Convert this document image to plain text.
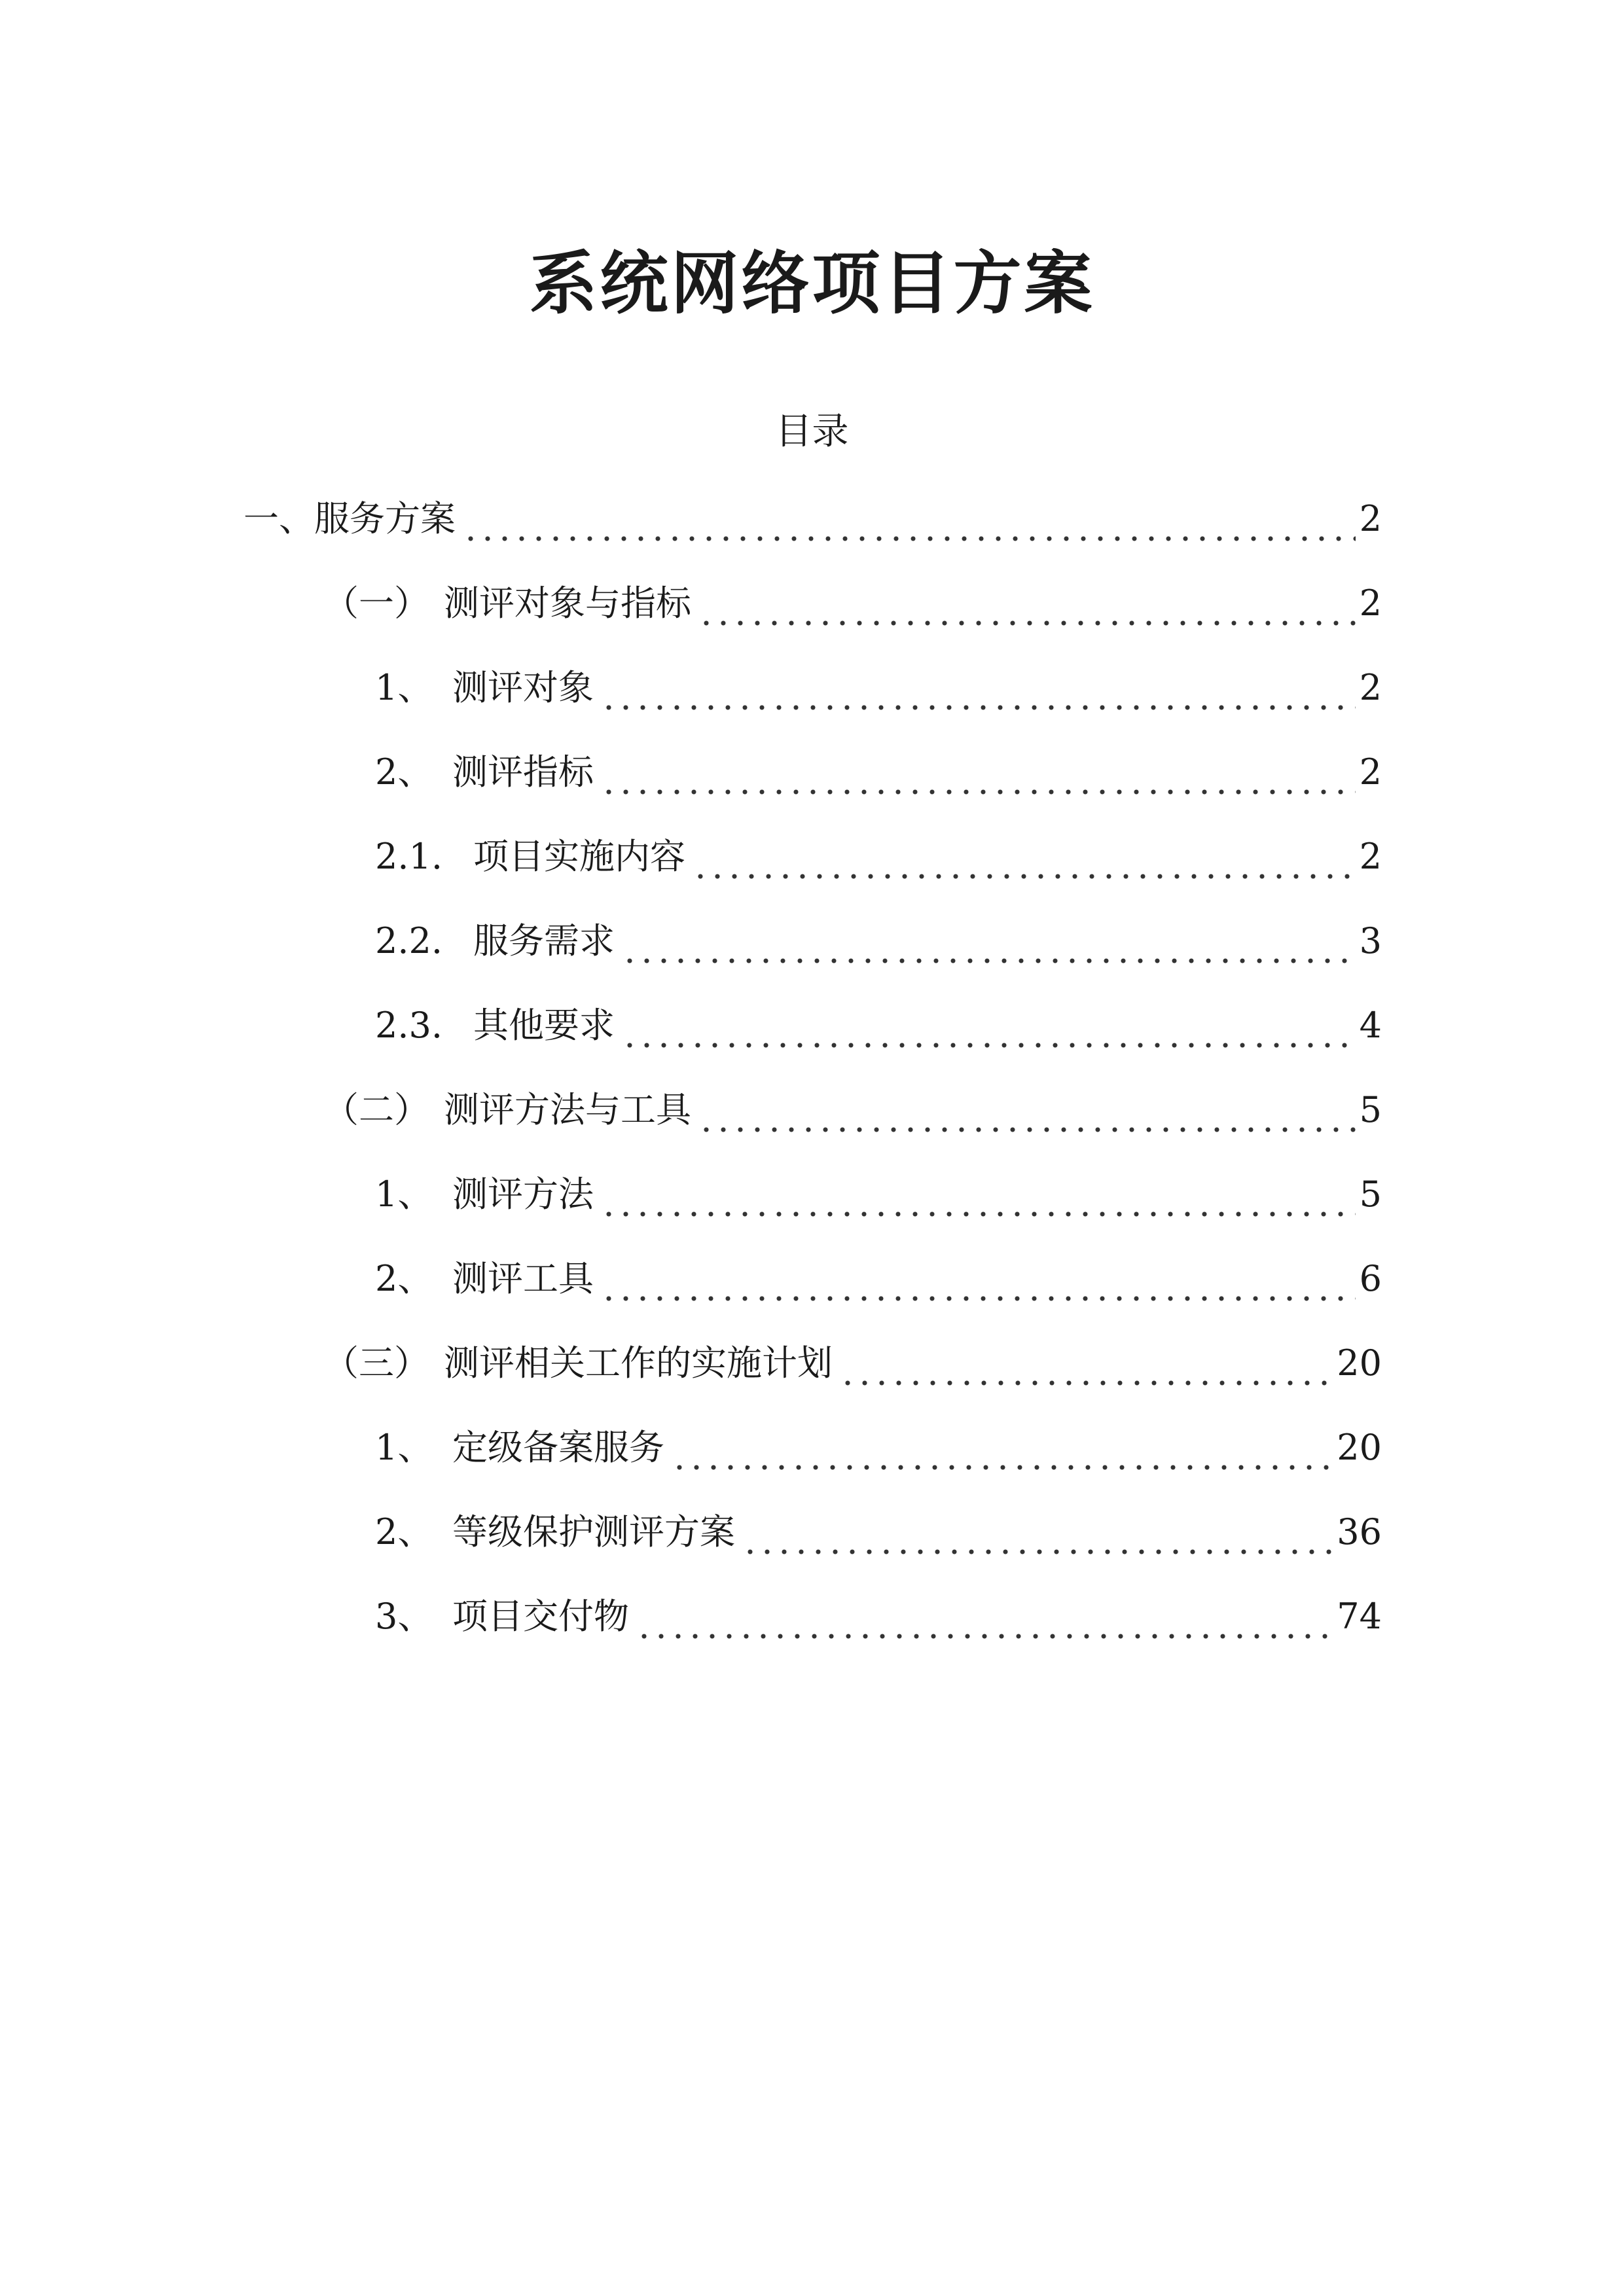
系统网络项目方案
目录
一、 服务方案	2
（一） 测评对象与指标	2
1、 测评对象	2
2、 测评指标	2
2.1. 项目实施内容	2
2.2. 服务需求	3
2.3. 其他要求	4
（二） 测评方法与工具	5
1、 测评方法	5
2、 测评工具	6
（三） 测评相关工作的实施计划	20
1、 定级备案服务	20
2、 等级保护测评方案	36
3、 项目交付物	74
